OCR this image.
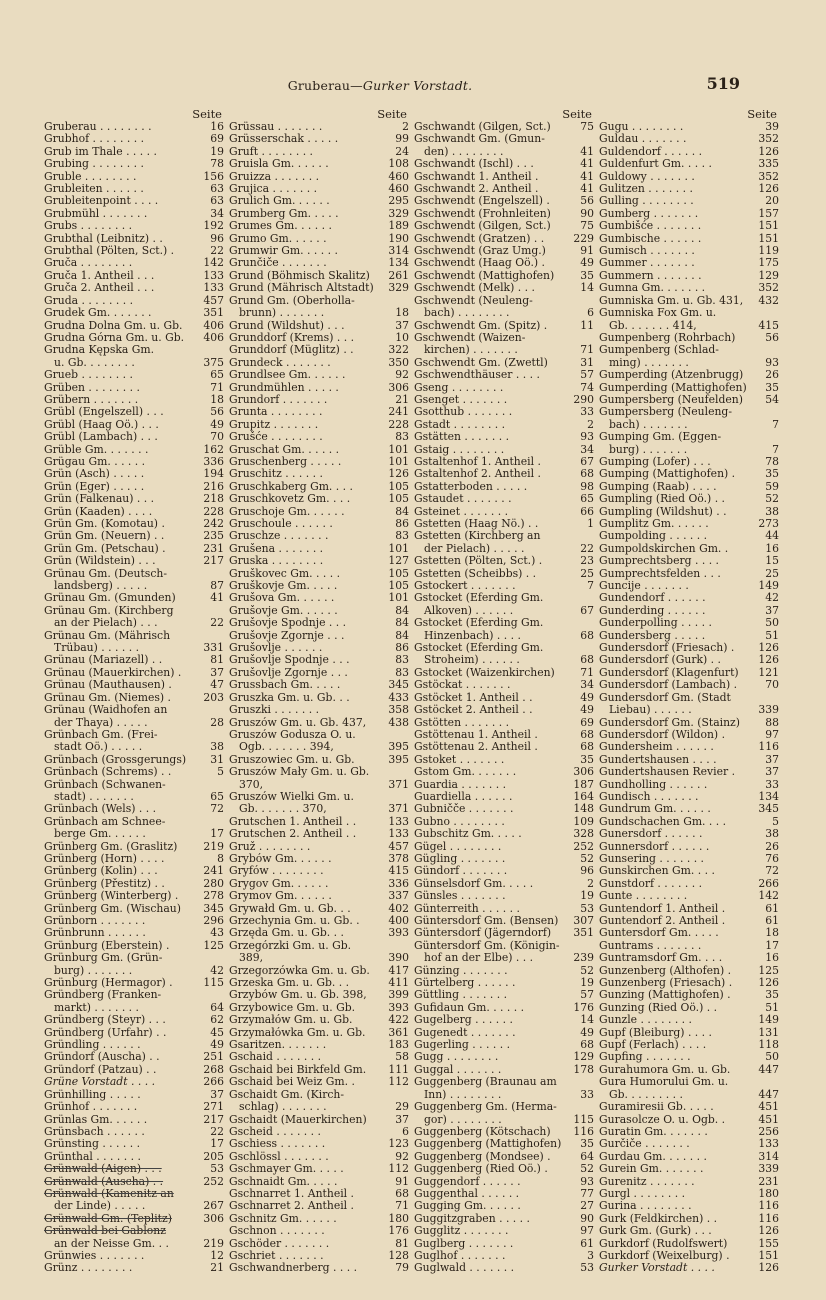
Gruberau—Gurker Vorstadt.	519
Seite
16
Gruberau . . . . . . . .
69
Grubhof . . . . . . . .
19
Grub im Thale . . . . .
78
Grubing . . . . . . . .
156
Gruble . . . . . . . .
63
Grubleiten . . . . . .
63
Grubleitenpoint . . . .
34
Grubmühl . . . . . . .
192
Grubs . . . . . . . .
96
Grubthal (Leibnitz) . .
22
Grubthal (Pölten, Sct.) .
142
Gruča . . . . . . . .
133
Gruča 1. Antheil . . .
133
Gruča 2. Antheil . . .
457
Gruda . . . . . . . .
351
Grudek Gm. . . . . . .
406
Grudna Dolna Gm. u. Gb.
406
Grudna Górna Gm. u. Gb.
Grudna Kępska Gm.
375
u. Gb. . . . . . . .
65
Grueb . . . . . . . .
71
Grüben . . . . . . . .
18
Grübern . . . . . . .
56
Grübl (Engelszell) . . .
49
Grübl (Haag Oö.) . . .
70
Grübl (Lambach) . . .
162
Grüble Gm. . . . . . .
336
Grügau Gm. . . . . .
194
Grün (Asch) . . . . .
216
Grün (Eger) . . . . .
218
Grün (Falkenau) . . .
228
Grün (Kaaden) . . . .
242
Grün Gm. (Komotau) .
235
Grün Gm. (Neuern) . .
231
Grün Gm. (Petschau) .
217
Grün (Wildstein) . . .
Grünau Gm. (Deutsch-
87
landsberg) . . . . .
41
Grünau Gm. (Gmunden)
Grünau Gm. (Kirchberg
22
an der Pielach) . . .
Grünau Gm. (Mährisch
331
Trübau) . . . . . .
81
Grünau (Mariazell) . .
37
Grünau (Mauerkirchen) .
47
Grünau (Mauthausen) .
203
Grünau Gm. (Niemes) .
Grünau (Waidhofen an
28
der Thaya) . . . . .
Grünbach Gm. (Frei-
38
stadt Oö.) . . . . .
31
Grünbach (Grossgerungs)
5
Grünbach (Schrems) . .
Grünbach (Schwanen-
65
stadt) . . . . . . .
72
Grünbach (Wels) . . .
Grünbach am Schnee-
17
berge Gm. . . . . .
219
Grünberg Gm. (Graslitz)
8
Grünberg (Horn) . . . .
241
Grünberg (Kolin) . . .
280
Grünberg (Přestitz) . .
278
Grünberg (Winterberg) .
345
Grünberg Gm. (Wischau)
296
Grünborn . . . . . . .
43
Grünbrunn . . . . . .
125
Grünburg (Eberstein) .
Grünburg Gm. (Grün-
42
burg) . . . . . . .
115
Grünburg (Hermagor) .
Gründberg (Franken-
64
markt) . . . . . . .
62
Gründberg (Steyr) . . .
45
Gründberg (Urfahr) . .
49
Gründling . . . . . .
251
Gründorf (Auscha) . .
268
Gründorf (Patzau) . .
266
Grüne Vorstadt . . . .
37
Grünhilling . . . . .
271
Grünhof . . . . . . .
217
Grünlas Gm. . . . . .
22
Grünsbach . . . . . .
17
Grünsting . . . . . .
205
Grünthal . . . . . . .
53
Grünwald (Aigen) . . .
252
Grünwald (Auscha) . .
Grünwald (Kamenitz an
267
der Linde) . . . . .
306
Grünwald Gm. (Teplitz)
Grünwald bei Gablonz
219
an der Neisse Gm. . .
12
Grünwies . . . . . . .
21
Grünz . . . . . . . .
Seite
2
Grüssau . . . . . . .
99
Grüsserschak . . . . .
24
Gruft . . . . . . . .
108
Gruisla Gm. . . . . .
460
Gruizza . . . . . . .
460
Grujica . . . . . . .
295
Grulich Gm. . . . . .
329
Grumberg Gm. . . . .
189
Grumes Gm. . . . . .
190
Grumo Gm. . . . . .
314
Grumwir Gm. . . . . .
134
Grunčiče . . . . . . .
261
Grund (Böhmisch Skalitz)
329
Grund (Mährisch Altstadt)
Grund Gm. (Oberholla-
18
brunn) . . . . . . .
37
Grund (Wildshut) . . .
10
Grunddorf (Krems) . . .
322
Grunddorf (Müglitz) . .
350
Grundeck . . . . . . .
92
Grundlsee Gm. . . . . .
306
Grundmühlen . . . . .
21
Grundorf . . . . . . .
241
Grunta . . . . . . . .
228
Grupitz . . . . . . .
83
Grušće . . . . . . . .
101
Gruschat Gm. . . . . .
101
Gruschenberg . . . . .
126
Gruschitz . . . . . .
105
Gruschkaberg Gm. . . .
105
Gruschkovetz Gm. . . .
84
Gruschoje Gm. . . . . .
86
Gruschoule . . . . . .
83
Gruschze . . . . . . .
101
Grušena . . . . . . .
127
Gruska . . . . . . . .
105
Gruškovec Gm. . . . .
105
Gruškovje Gm. . . . .
101
Grušova Gm. . . . . .
84
Grušovje Gm. . . . . .
84
Grušovje Spodnje . . .
84
Grušovje Zgornje . . .
86
Grušovlje . . . . . .
83
Grušovlje Spodnje . . .
83
Grušovlje Zgornje . . .
345
Grussbach Gm. . . . .
433
Gruszka Gm. u. Gb. . .
358
Gruszki . . . . . . .
438
Gruszów Gm. u. Gb. 437,
Gruszów Godusza O. u.
395
Ogb. . . . . . . 394,
395
Gruszowiec Gm. u. Gb.
Gruszów Mały Gm. u. Gb.
371
370,
Gruszów Wielki Gm. u.
371
Gb. . . . . . . 370,
133
Grutschen 1. Antheil . .
133
Grutschen 2. Antheil . .
457
Gruž . . . . . . . .
378
Grybów Gm. . . . . .
415
Gryfów . . . . . . . .
336
Grygov Gm. . . . . .
337
Grymov Gm. . . . . .
402
Grywałd Gm. u. Gb. . .
400
Grzechynia Gm. u. Gb. .
393
Grzęda Gm. u. Gb. . .
Grzegórzki Gm. u. Gb.
390
389,
417
Grzegorzówka Gm. u. Gb.
411
Grzeska Gm. u. Gb. . .
399
Grzybów Gm. u. Gb. 398,
393
Grzybowice Gm. u. Gb.
422
Grzymałów Gm. u. Gb.
361
Grzymałówka Gm. u. Gb.
183
Gsaritzen. . . . . . .
58
Gschaid . . . . . . .
111
Gschaid bei Birkfeld Gm.
112
Gschaid bei Weiz Gm. .
Gschaidt Gm. (Kirch-
29
schlag) . . . . . . .
37
Gschaidt (Mauerkirchen)
6
Gscheid . . . . . . .
123
Gschiess . . . . . . .
92
Gschlössl . . . . . . .
112
Gschmayer Gm. . . . .
91
Gschnaidt Gm. . . . .
68
Gschnarret 1. Antheil .
71
Gschnarret 2. Antheil .
180
Gschnitz Gm. . . . . .
176
Gschnon . . . . . . .
81
Gschöder . . . . . . .
128
Gschriet . . . . . . .
79
Gschwandnerberg . . . .
Seite
75
Gschwandt (Gilgen, Sct.)
Gschwandt Gm. (Gmun-
41
den) . . . . . . . .
41
Gschwandt (Ischl) . . .
41
Gschwandt 1. Antheil .
41
Gschwandt 2. Antheil .
56
Gschwendt (Engelszell) .
90
Gschwendt (Frohnleiten)
75
Gschwendt (Gilgen, Sct.)
229
Gschwendt (Gratzen) . .
91
Gschwendt (Graz Umg.)
49
Gschwendt (Haag Oö.) .
35
Gschwendt (Mattighofen)
14
Gschwendt (Melk) . . .
Gschwendt (Neuleng-
6
bach) . . . . . . . .
11
Gschwendt Gm. (Spitz) .
Gschwendt (Waizen-
71
kirchen) . . . . . . .
31
Gschwendt Gm. (Zwettl)
57
Gschwendthäuser . . . .
74
Gseng . . . . . . . .
290
Gsenget . . . . . . .
33
Gsotthub . . . . . . .
2
Gstadt . . . . . . . .
93
Gstätten . . . . . . .
34
Gstaig . . . . . . . .
67
Gstaltenhof 1. Antheil .
68
Gstaltenhof 2. Antheil .
98
Gstatterboden . . . . .
65
Gstaudet . . . . . . .
66
Gsteinet . . . . . . .
1
Gstetten (Haag Nö.) . .
Gstetten (Kirchberg an
22
der Pielach) . . . . .
23
Gstetten (Pölten, Sct.) .
25
Gstetten (Scheibbs) . .
7
Gstockert . . . . . . .
Gstocket (Eferding Gm.
67
Alkoven) . . . . . .
Gstocket (Eferding Gm.
68
Hinzenbach) . . . .
Gstocket (Eferding Gm.
68
Stroheim) . . . . . .
71
Gstocket (Waizenkirchen)
34
Gstöckat . . . . . . .
49
Gstöcket 1. Antheil . .
49
Gstöcket 2. Antheil . .
69
Gstötten . . . . . . .
68
Gstöttenau 1. Antheil .
68
Gstöttenau 2. Antheil .
35
Gstoket . . . . . . .
306
Gstom Gm. . . . . . .
187
Guardia . . . . . . .
164
Guardiella . . . . . .
148
Gubničče . . . . . . .
109
Gubno . . . . . . . .
328
Gubschitz Gm. . . . .
252
Gügel . . . . . . . .
52
Gügling . . . . . . .
96
Gündorf . . . . . . .
2
Günselsdorf Gm. . . . .
19
Günsles . . . . . . .
53
Günterreith . . . . . .
307
Güntersdorf Gm. (Bensen)
351
Güntersdorf (Jägerndorf)
Güntersdorf Gm. (Königin-
239
hof an der Elbe) . . .
52
Günzing . . . . . . .
19
Gürtelberg . . . . . .
57
Güttling . . . . . . .
176
Gufidaun Gm. . . . . .
14
Gugelberg . . . . . .
49
Gugenedt . . . . . . .
68
Gugerling . . . . . .
129
Gugg . . . . . . . .
178
Guggal . . . . . . .
Guggenberg (Braunau am
33
Inn) . . . . . . . .
Guggenberg Gm. (Herma-
115
gor) . . . . . . . .
116
Guggenberg (Kötschach)
35
Guggenberg (Mattighofen)
64
Guggenberg (Mondsee) .
52
Guggenberg (Ried Oö.) .
93
Guggendorf . . . . . .
77
Guggenthal . . . . . .
27
Gugging Gm. . . . . .
90
Guggitzgraben . . . . .
97
Gugglitz . . . . . . .
61
Guglberg . . . . . . .
3
Guglhof . . . . . . .
53
Guglwald . . . . . . .
Seite
39
Gugu . . . . . . . .
352
Guldau . . . . . . .
126
Guldendorf . . . . . .
335
Guldenfurt Gm. . . . .
352
Guldowy . . . . . . .
126
Gulitzen . . . . . . .
20
Gulling . . . . . . . .
157
Gumberg . . . . . . .
151
Gumbišće . . . . . . .
151
Gumbische . . . . . .
119
Gumisch . . . . . . .
175
Gummer . . . . . . .
129
Gummern . . . . . . .
352
Gumna Gm. . . . . . .
432
Gumniska Gm. u. Gb. 431,
Gumniska Fox Gm. u.
415
Gb. . . . . . . 414,
56
Gumpenberg (Rohrbach)
Gumpenberg (Schlad-
93
ming) . . . . . . .
26
Gumperding (Atzenbrugg)
35
Gumperding (Mattighofen)
54
Gumpersberg (Neufelden)
Gumpersberg (Neuleng-
7
bach) . . . . . . .
Gumping Gm. (Eggen-
7
burg) . . . . . . .
78
Gumping (Lofer) . . .
35
Gumping (Mattighofen) .
59
Gumping (Raab) . . . .
52
Gumpling (Ried Oö.) . .
38
Gumpling (Wildshut) . .
273
Gumplitz Gm. . . . . .
44
Gumpolding . . . . . .
16
Gumpoldskirchen Gm. .
15
Gumprechtsberg . . . .
25
Gumprechtsfelden . . .
149
Guncije . . . . . . .
42
Gundendorf . . . . . .
37
Gunderding . . . . . .
50
Gunderpolling . . . . .
51
Gundersberg . . . . .
126
Gundersdorf (Friesach) .
126
Gundersdorf (Gurk) . .
121
Gundersdorf (Klagenfurt)
70
Gundersdorf (Lambach) .
Gundersdorf Gm. (Stadt
339
Liebau) . . . . . .
88
Gundersdorf Gm. (Stainz)
97
Gundersdorf (Wildon) .
116
Gundersheim . . . . . .
37
Gundertshausen . . . .
37
Gundertshausen Revier .
33
Gundholling . . . . . .
134
Gundisch . . . . . . .
345
Gundrum Gm. . . . . .
5
Gundschachen Gm. . . .
38
Gunersdorf . . . . . .
26
Gunnersdorf . . . . . .
76
Gunsering . . . . . . .
72
Gunskirchen Gm. . . .
266
Gunstdorf . . . . . . .
142
Gunte . . . . . . . .
61
Guntendorf 1. Antheil .
61
Guntendorf 2. Antheil .
18
Guntersdorf Gm. . . . .
17
Guntrams . . . . . . .
16
Guntramsdorf Gm. . . .
125
Gunzenberg (Althofen) .
126
Gunzenberg (Friesach) .
35
Gunzing (Mattighofen) .
51
Gunzing (Ried Oö.) . .
149
Gunzle . . . . . . . .
131
Gupf (Bleiburg) . . . .
118
Gupf (Ferlach) . . . .
50
Gupfing . . . . . . .
447
Gurahumora Gm. u. Gb.
Gura Humorului Gm. u.
447
Gb. . . . . . . . .
451
Guramiresii Gb. . . . .
451
Gurasolcze O. u. Ogb. .
256
Guratin Gm. . . . . . .
133
Gurčiče . . . . . . .
314
Gurdau Gm. . . . . . .
339
Gurein Gm. . . . . . .
231
Gurenitz . . . . . . .
180
Gurgl . . . . . . . .
116
Gurina . . . . . . . .
116
Gurk (Feldkirchen) . .
126
Gurk Gm. (Gurk) . . .
155
Gurkdorf (Rudolfswert)
151
Gurkdorf (Weixelburg) .
126
Gurker Vorstadt . . . .
